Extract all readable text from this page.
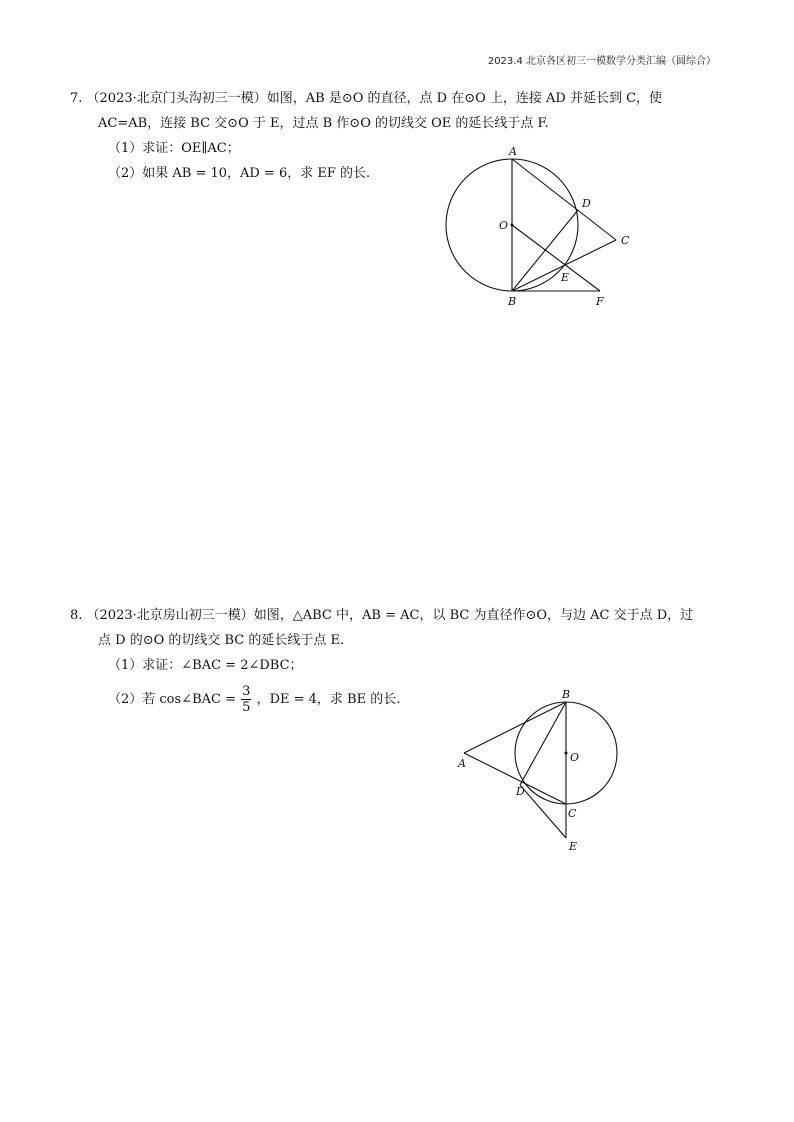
2023.4 北京各区初三一模数学分类汇编（圆综合）
7. （2023·北京门头沟初三一模）如图，AB 是⊙O 的直径，点 D 在⊙O 上，连接 AD 并延长到 C，使
AC=AB，连接 BC 交⊙O 于 E，过点 B 作⊙O 的切线交 OE 的延长线于点 F.
（1）求证：OE∥AC；
（2）如果 AB = 10，AD = 6，求 EF 的长.
A
B
C
D
E
F
O
8. （2023·北京房山初三一模）如图，△ABC 中，AB = AC，以 BC 为直径作⊙O，与边 AC 交于点 D，过
点 D 的⊙O 的切线交 BC 的延长线于点 E.
（1）求证：∠BAC = 2∠DBC；
（2）若 cos∠BAC = $\frac{3}{5}$ ，DE = 4，求 BE 的长.
A
B
C
D
E
O
